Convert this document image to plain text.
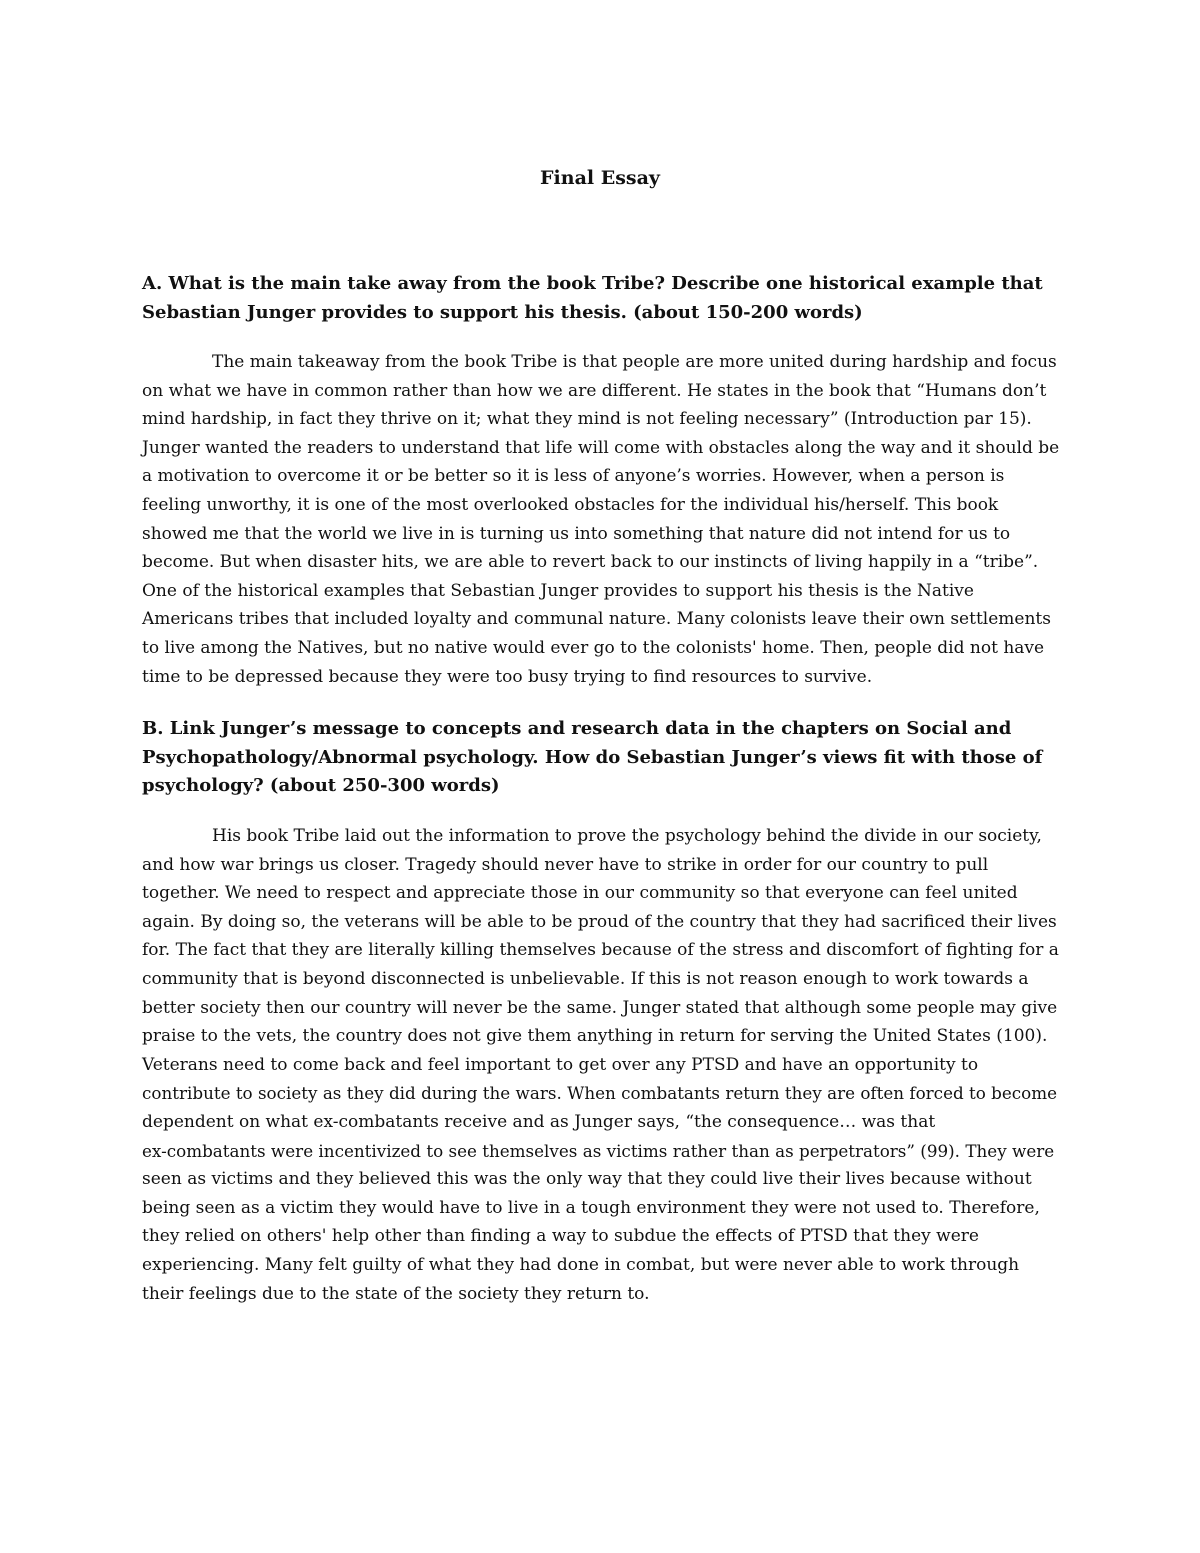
Final Essay
A. What is the main take away from the book Tribe? Describe one historical example that
Sebastian Junger provides to support his thesis. (about 150-200 words)
The main takeaway from the book Tribe is that people are more united during hardship and focus
on what we have in common rather than how we are different. He states in the book that “Humans don’t
mind hardship, in fact they thrive on it; what they mind is not feeling necessary” (Introduction par 15).
Junger wanted the readers to understand that life will come with obstacles along the way and it should be
a motivation to overcome it or be better so it is less of anyone’s worries. However, when a person is
feeling unworthy, it is one of the most overlooked obstacles for the individual his/herself. This book
showed me that the world we live in is turning us into something that nature did not intend for us to
become. But when disaster hits, we are able to revert back to our instincts of living happily in a “tribe”.
One of the historical examples that Sebastian Junger provides to support his thesis is the Native
Americans tribes that included loyalty and communal nature. Many colonists leave their own settlements
to live among the Natives, but no native would ever go to the colonists' home. Then, people did not have
time to be depressed because they were too busy trying to find resources to survive.
B. Link Junger’s message to concepts and research data in the chapters on Social and
Psychopathology/Abnormal psychology. How do Sebastian Junger’s views fit with those of
psychology? (about 250-300 words)
His book Tribe laid out the information to prove the psychology behind the divide in our society,
and how war brings us closer. Tragedy should never have to strike in order for our country to pull
together. We need to respect and appreciate those in our community so that everyone can feel united
again. By doing so, the veterans will be able to be proud of the country that they had sacrificed their lives
for. The fact that they are literally killing themselves because of the stress and discomfort of fighting for a
community that is beyond disconnected is unbelievable. If this is not reason enough to work towards a
better society then our country will never be the same. Junger stated that although some people may give
praise to the vets, the country does not give them anything in return for serving the United States (100).
Veterans need to come back and feel important to get over any PTSD and have an opportunity to
contribute to society as they did during the wars. When combatants return they are often forced to become
dependent on what ex-combatants receive and as Junger says, “the consequence… was that
ex-combatants were incentivized to see themselves as victims rather than as perpetrators” (99). They were
seen as victims and they believed this was the only way that they could live their lives because without
being seen as a victim they would have to live in a tough environment they were not used to. Therefore,
they relied on others' help other than finding a way to subdue the effects of PTSD that they were
experiencing. Many felt guilty of what they had done in combat, but were never able to work through
their feelings due to the state of the society they return to.
